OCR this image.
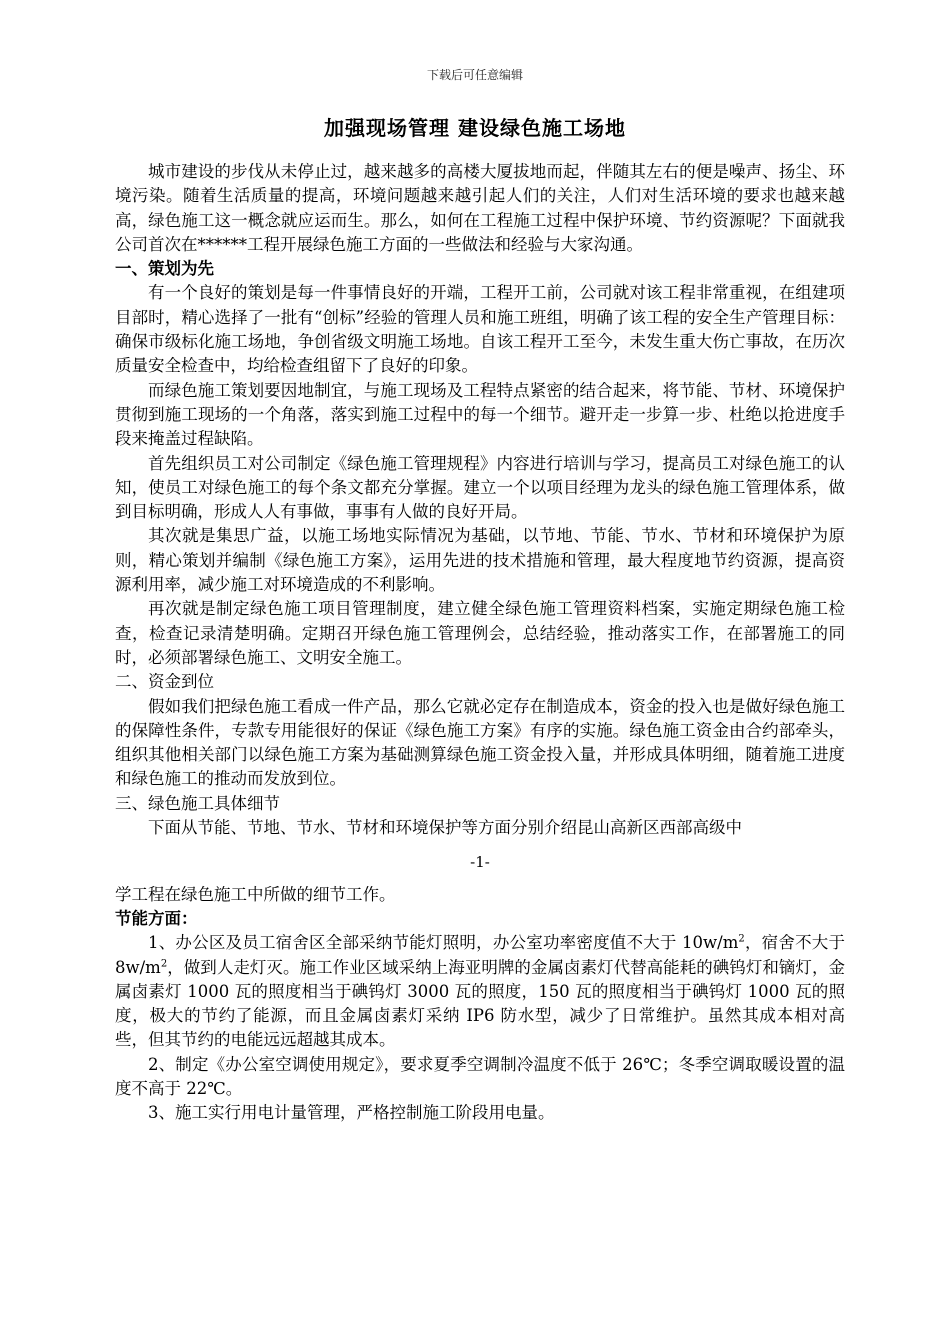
下载后可任意编辑
加强现场管理 建设绿色施工场地

城市建设的步伐从未停止过，越来越多的高楼大厦拔地而起，伴随其左右的便是噪声、扬尘、环境污染。随着生活质量的提高，环境问题越来越引起人们的关注，人们对生活环境的要求也越来越高，绿色施工这一概念就应运而生。那么，如何在工程施工过程中保护环境、节约资源呢？下面就我公司首次在******工程开展绿色施工方面的一些做法和经验与大家沟通。

一、策划为先

有一个良好的策划是每一件事情良好的开端，工程开工前，公司就对该工程非常重视，在组建项目部时，精心选择了一批有“创标”经验的管理人员和施工班组，明确了该工程的安全生产管理目标：确保市级标化施工场地，争创省级文明施工场地。自该工程开工至今，未发生重大伤亡事故，在历次质量安全检查中，均给检查组留下了良好的印象。

而绿色施工策划要因地制宜，与施工现场及工程特点紧密的结合起来，将节能、节材、环境保护贯彻到施工现场的一个角落，落实到施工过程中的每一个细节。避开走一步算一步、杜绝以抢进度手段来掩盖过程缺陷。

首先组织员工对公司制定《绿色施工管理规程》内容进行培训与学习，提高员工对绿色施工的认知，使员工对绿色施工的每个条文都充分掌握。建立一个以项目经理为龙头的绿色施工管理体系，做到目标明确，形成人人有事做，事事有人做的良好开局。

其次就是集思广益，以施工场地实际情况为基础，以节地、节能、节水、节材和环境保护为原则，精心策划并编制《绿色施工方案》，运用先进的技术措施和管理，最大程度地节约资源，提高资源利用率，减少施工对环境造成的不利影响。

再次就是制定绿色施工项目管理制度，建立健全绿色施工管理资料档案，实施定期绿色施工检查，检查记录清楚明确。定期召开绿色施工管理例会，总结经验，推动落实工作，在部署施工的同时，必须部署绿色施工、文明安全施工。

二、资金到位

假如我们把绿色施工看成一件产品，那么它就必定存在制造成本，资金的投入也是做好绿色施工的保障性条件，专款专用能很好的保证《绿色施工方案》有序的实施。绿色施工资金由合约部牵头，组织其他相关部门以绿色施工方案为基础测算绿色施工资金投入量，并形成具体明细，随着施工进度和绿色施工的推动而发放到位。

三、绿色施工具体细节

下面从节能、节地、节水、节材和环境保护等方面分别介绍昆山高新区西部高级中

-1-

学工程在绿色施工中所做的细节工作。

节能方面：

1、办公区及员工宿舍区全部采纳节能灯照明，办公室功率密度值不大于 $10w/m^2$，宿舍不大于 $8w/m^2$，做到人走灯灭。施工作业区域采纳上海亚明牌的金属卤素灯代替高能耗的碘钨灯和镝灯，金属卤素灯 1000 瓦的照度相当于碘钨灯 3000 瓦的照度，150 瓦的照度相当于碘钨灯 1000 瓦的照度，极大的节约了能源，而且金属卤素灯采纳 IP6 防水型，减少了日常维护。虽然其成本相对高些，但其节约的电能远远超越其成本。

2、制定《办公室空调使用规定》，要求夏季空调制冷温度不低于 26℃；冬季空调取暖设置的温度不高于 22℃。

3、施工实行用电计量管理，严格控制施工阶段用电量。
